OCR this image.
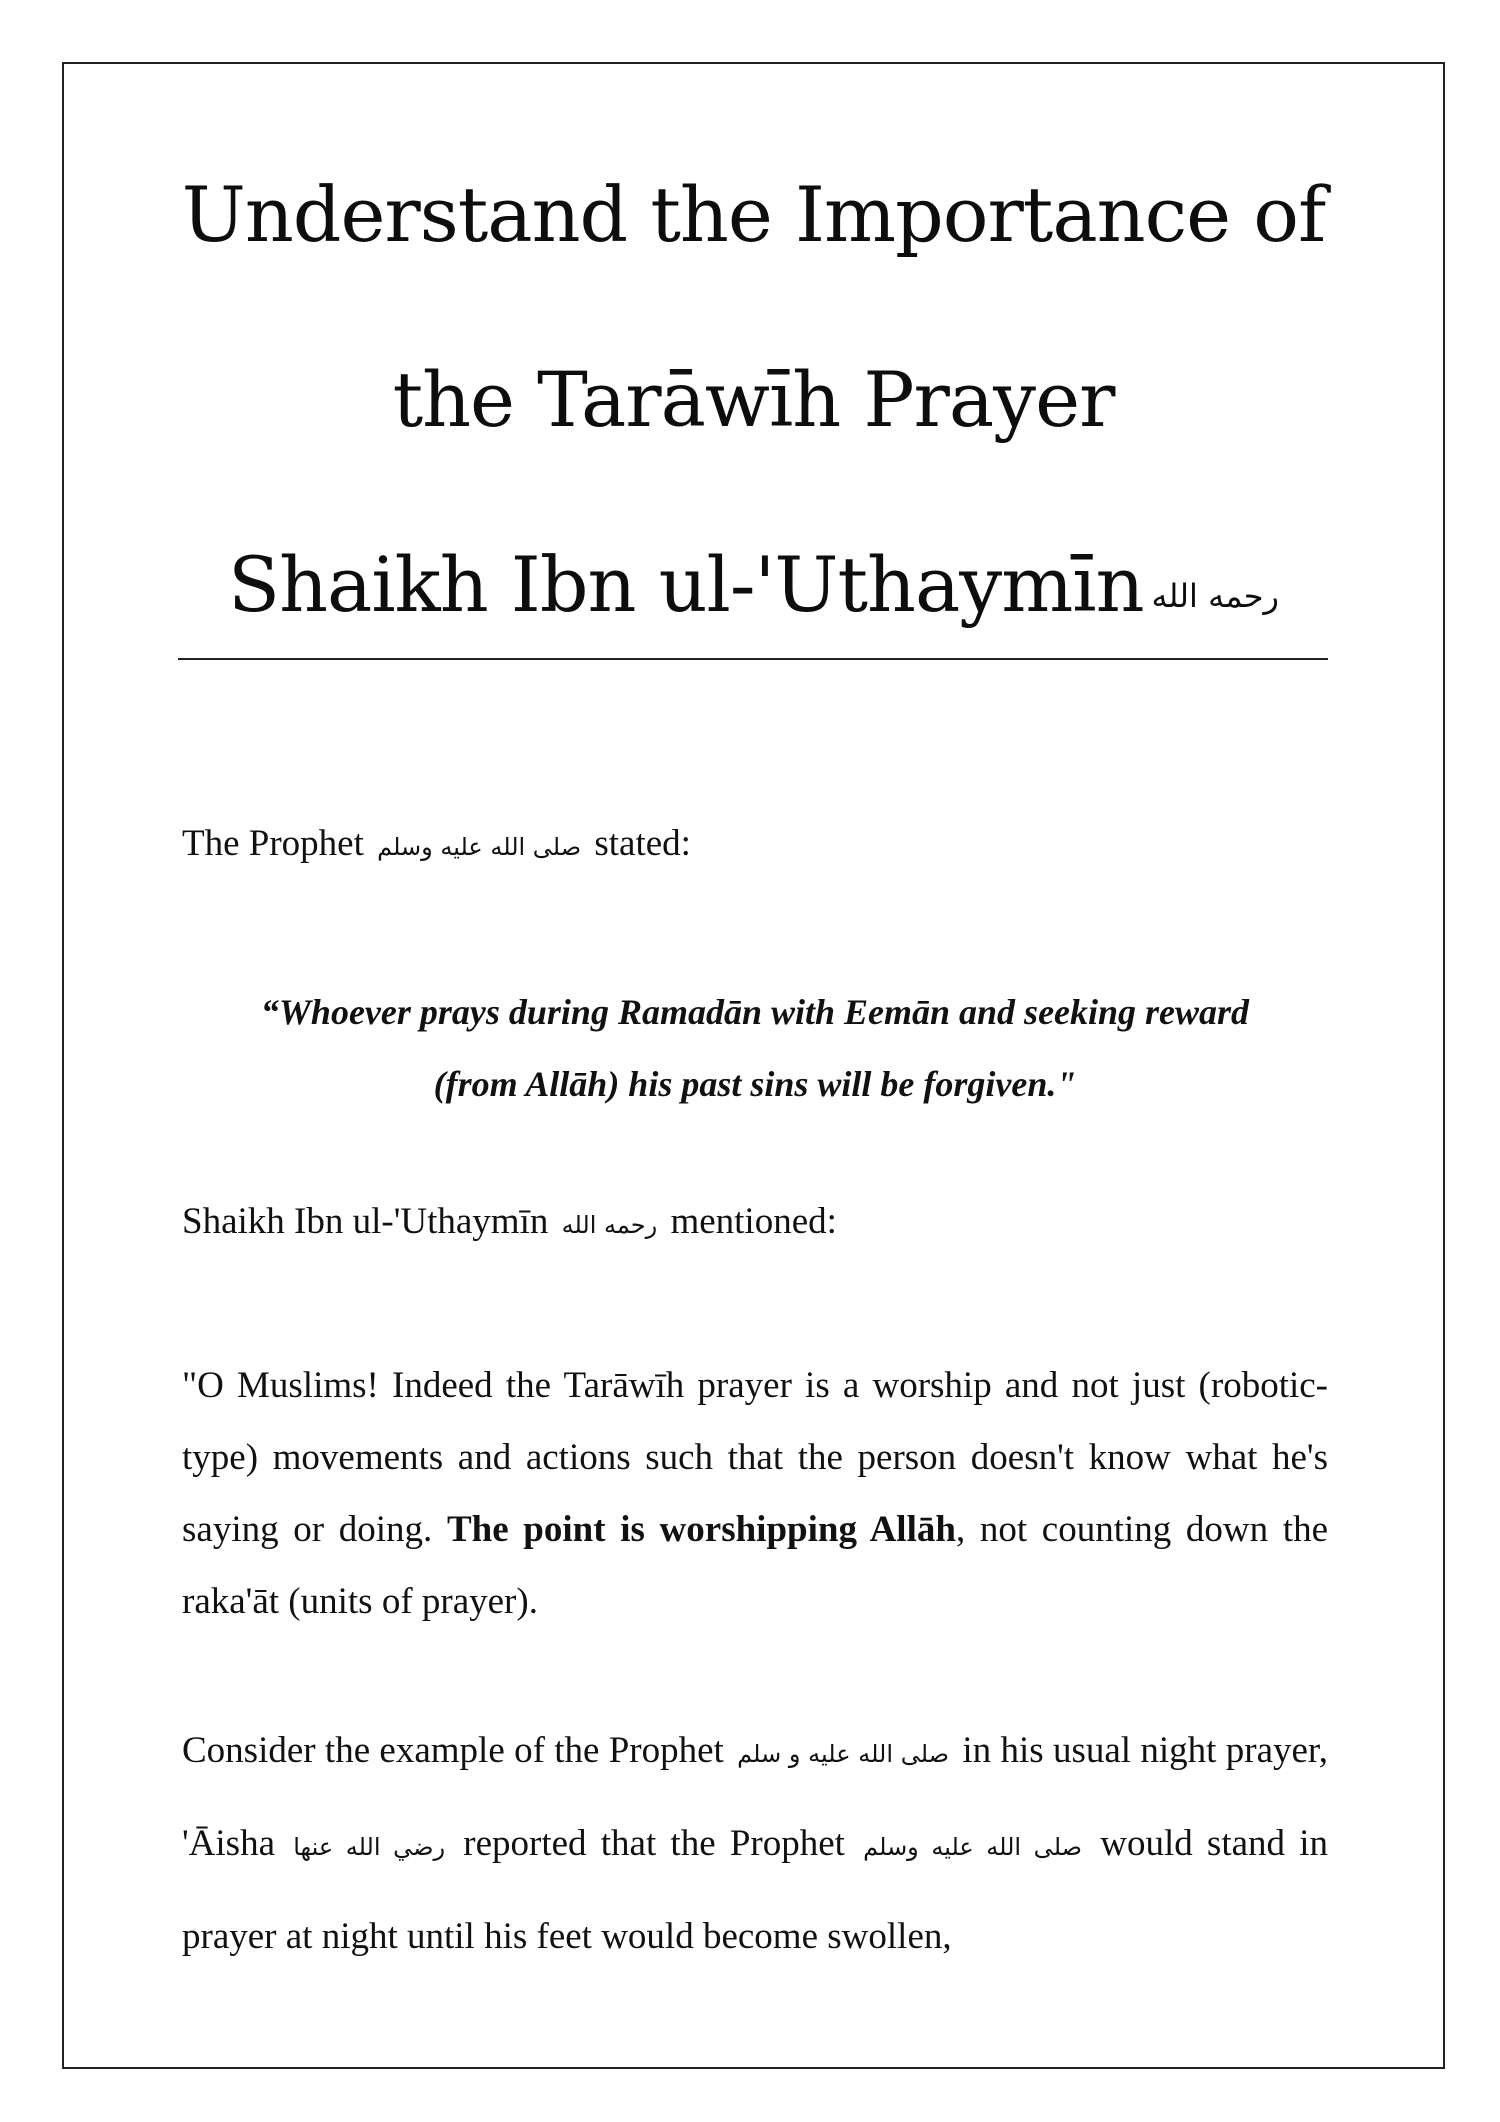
Understand the Importance of
the Tarāwīh Prayer
Shaikh Ibn ul-'Uthaymīn رحمه الله
The Prophet صلى الله عليه وسلم stated:
“Whoever prays during Ramadān with Eemān and seeking reward
(from Allāh) his past sins will be forgiven."
Shaikh Ibn ul-'Uthaymīn رحمه الله mentioned:
"O Muslims! Indeed the Tarāwīh prayer is a worship and not just (robotic-type) movements and actions such that the person doesn't know what he's saying or doing. The point is worshipping Allāh, not counting down the raka'āt (units of prayer).
Consider the example of the Prophet صلى الله عليه و سلم in his usual night prayer, 'Āisha رضي الله عنها reported that the Prophet صلى الله عليه وسلم would stand in prayer at night until his feet would become swollen,
